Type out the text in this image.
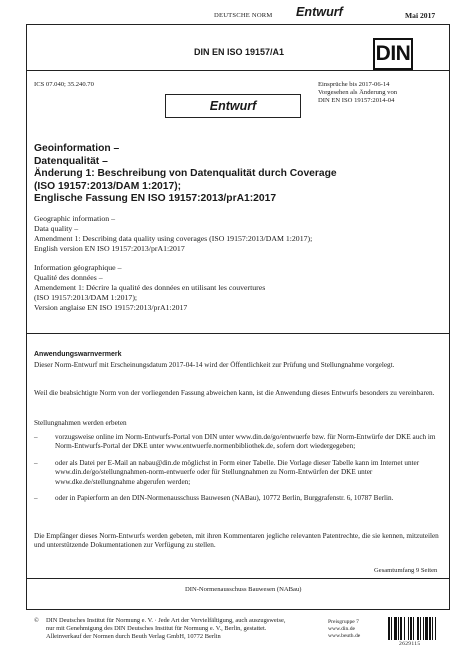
DEUTSCHE NORM Entwurf	Mai 2017
DIN EN ISO 19157/A1	DIN
ICS 07.040; 35.240.70	Einsprüche bis 2017-06-14
Vorgesehen als Änderung von
DIN EN ISO 19157:2014-04
Entwurf
Geoinformation –
Datenqualität –
Änderung 1: Beschreibung von Datenqualität durch Coverage
(ISO 19157:2013/DAM 1:2017);
Englische Fassung EN ISO 19157:2013/prA1:2017
Geographic information –
Data quality –
Amendment 1: Describing data quality using coverages (ISO 19157:2013/DAM 1:2017);
English version EN ISO 19157:2013/prA1:2017
Information géographique –
Qualité des données –
Amendement 1: Décrire la qualité des données en utilisant les couvertures
(ISO 19157:2013/DAM 1:2017);
Version anglaise EN ISO 19157:2013/prA1:2017
Anwendungswarnvermerk
Dieser Norm-Entwurf mit Erscheinungsdatum 2017-04-14 wird der Öffentlichkeit zur Prüfung und Stellungnahme vorgelegt.
Weil die beabsichtigte Norm von der vorliegenden Fassung abweichen kann, ist die Anwendung dieses Entwurfs besonders zu vereinbaren.
Stellungnahmen werden erbeten
– vorzugsweise online im Norm-Entwurfs-Portal von DIN unter www.din.de/go/entwuerfe bzw. für Norm-Entwürfe der DKE auch im Norm-Entwurfs-Portal der DKE unter www.entwuerfe.normenbibliothek.de, sofern dort wiedergegeben;
– oder als Datei per E-Mail an nabau@din.de möglichst in Form einer Tabelle. Die Vorlage dieser Tabelle kann im Internet unter www.din.de/go/stellungnahmen-norm-entwuerfe oder für Stellungnahmen zu Norm-Entwürfen der DKE unter www.dke.de/stellungnahme abgerufen werden;
– oder in Papierform an den DIN-Normenausschuss Bauwesen (NABau), 10772 Berlin, Burggrafenstr. 6, 10787 Berlin.
Die Empfänger dieses Norm-Entwurfs werden gebeten, mit ihren Kommentaren jegliche relevanten Patentrechte, die sie kennen, mitzuteilen und unterstützende Dokumentationen zur Verfügung zu stellen.
Gesamtumfang 9 Seiten
DIN-Normenausschuss Bauwesen (NABau)
© DIN Deutsches Institut für Normung e. V. · Jede Art der Vervielfältigung, auch auszugsweise,
nur mit Genehmigung des DIN Deutsches Institut für Normung e. V., Berlin, gestattet.
Alleinverkauf der Normen durch Beuth Verlag GmbH, 10772 Berlin
Preisgruppe 7
www.din.de
www.beuth.de
2629115
